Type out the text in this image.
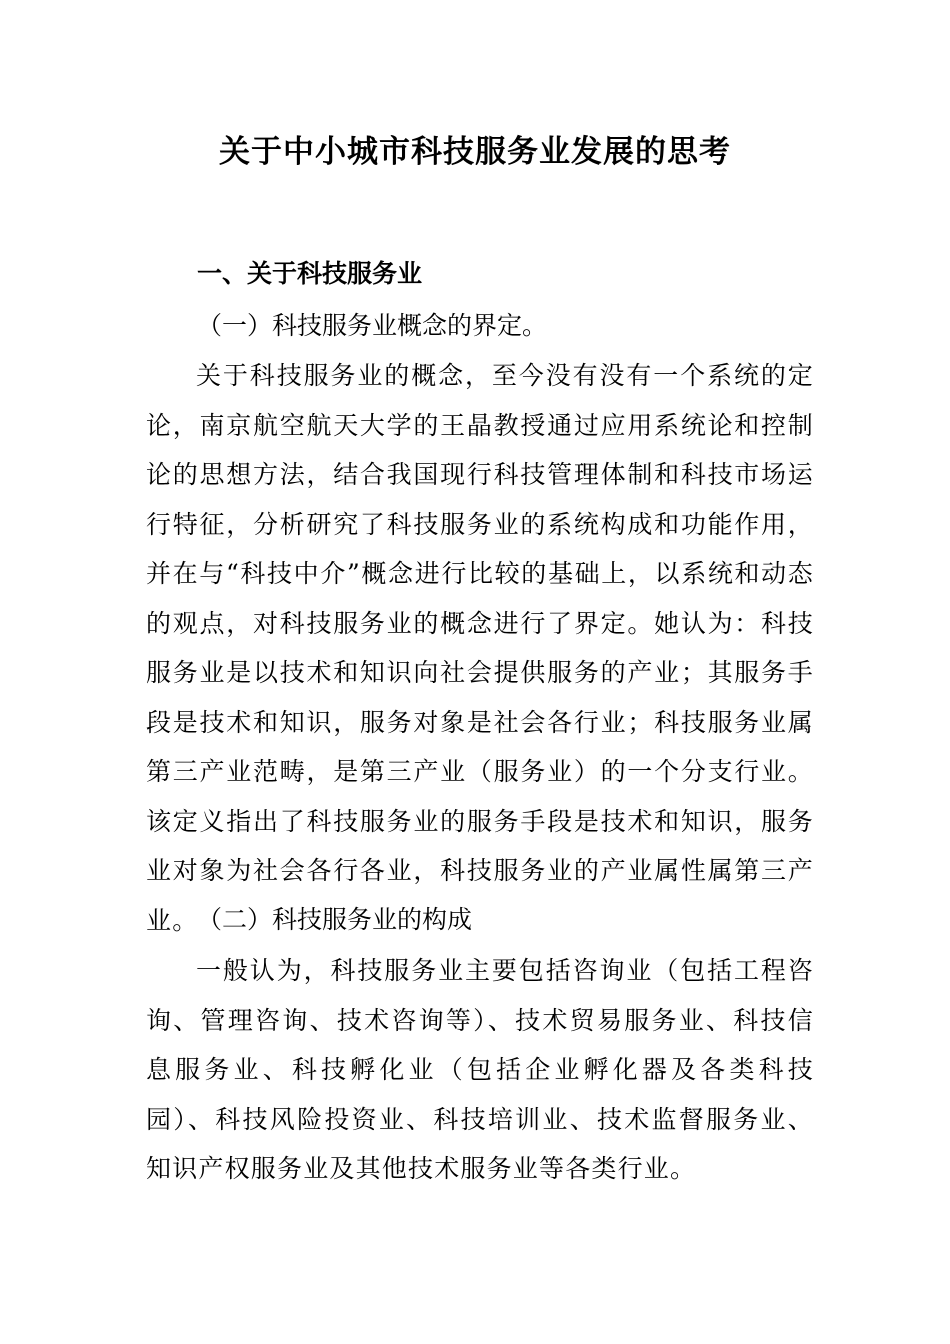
关于中小城市科技服务业发展的思考
一、关于科技服务业

（一）科技服务业概念的界定。

关于科技服务业的概念，至今没有没有一个系统的定论，南京航空航天大学的王晶教授通过应用系统论和控制论的思想方法，结合我国现行科技管理体制和科技市场运行特征，分析研究了科技服务业的系统构成和功能作用，并在与“科技中介”概念进行比较的基础上，以系统和动态的观点，对科技服务业的概念进行了界定。她认为：科技服务业是以技术和知识向社会提供服务的产业；其服务手段是技术和知识，服务对象是社会各行业；科技服务业属第三产业范畴，是第三产业（服务业）的一个分支行业。该定义指出了科技服务业的服务手段是技术和知识，服务业对象为社会各行各业，科技服务业的产业属性属第三产业。

（二）科技服务业的构成

一般认为，科技服务业主要包括咨询业（包括工程咨询、管理咨询、技术咨询等）、技术贸易服务业、科技信息服务业、科技孵化业（包括企业孵化器及各类科技园）、科技风险投资业、科技培训业、技术监督服务业、知识产权服务业及其他技术服务业等各类行业。
